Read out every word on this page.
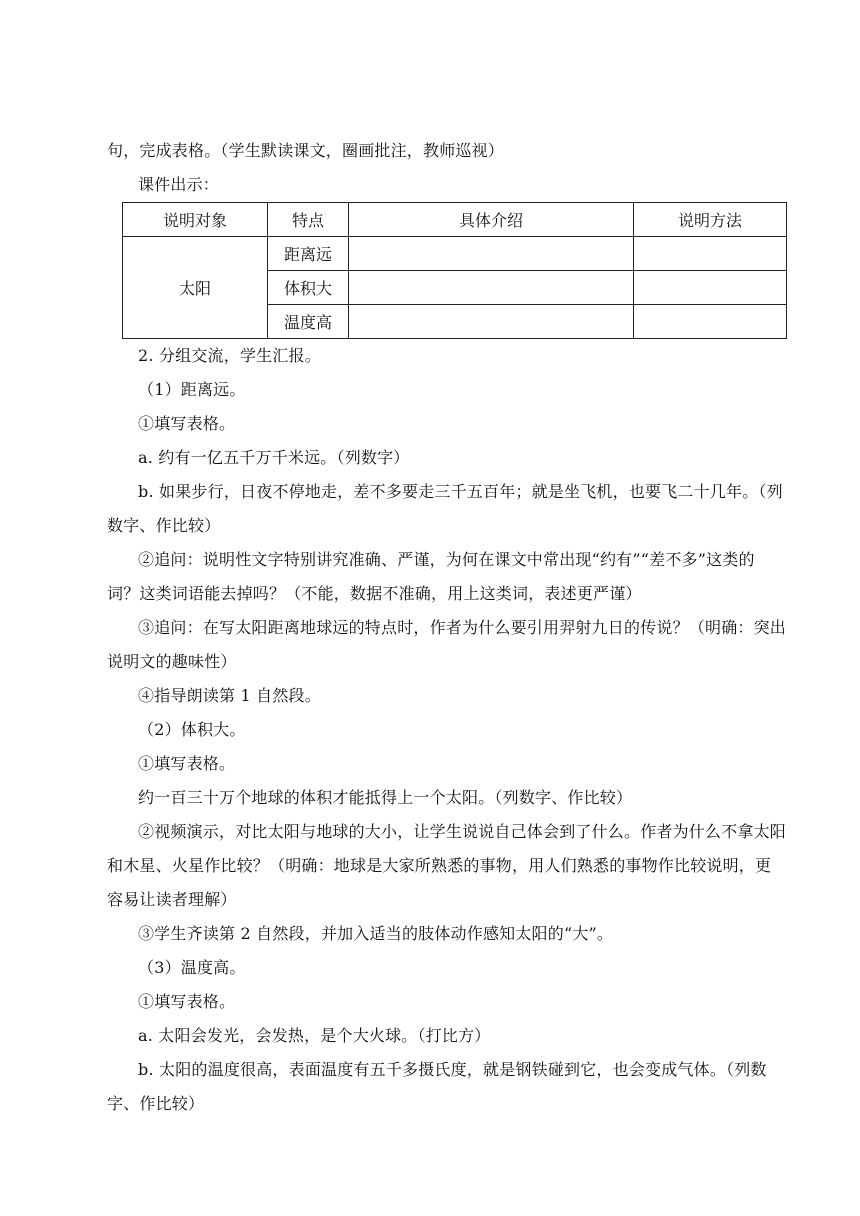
句，完成表格。（学生默读课文，圈画批注，教师巡视）

课件出示：

说明对象	特点	具体介绍	说明方法
太阳	距离远		
	体积大		
	温度高		

2. 分组交流，学生汇报。

（1）距离远。

①填写表格。

a. 约有一亿五千万千米远。（列数字）

b. 如果步行，日夜不停地走，差不多要走三千五百年；就是坐飞机，也要飞二十几年。（列数字、作比较）

②追问：说明性文字特别讲究准确、严谨，为何在课文中常出现“约有”“差不多”这类的词？这类词语能去掉吗？（不能，数据不准确，用上这类词，表述更严谨）

③追问：在写太阳距离地球远的特点时，作者为什么要引用羿射九日的传说？（明确：突出说明文的趣味性）

④指导朗读第 1 自然段。

（2）体积大。

①填写表格。

约一百三十万个地球的体积才能抵得上一个太阳。（列数字、作比较）

②视频演示，对比太阳与地球的大小，让学生说说自己体会到了什么。作者为什么不拿太阳和木星、火星作比较？（明确：地球是大家所熟悉的事物，用人们熟悉的事物作比较说明，更容易让读者理解）

③学生齐读第 2 自然段，并加入适当的肢体动作感知太阳的“大”。

（3）温度高。

①填写表格。

a. 太阳会发光，会发热，是个大火球。（打比方）

b. 太阳的温度很高，表面温度有五千多摄氏度，就是钢铁碰到它，也会变成气体。（列数字、作比较）
